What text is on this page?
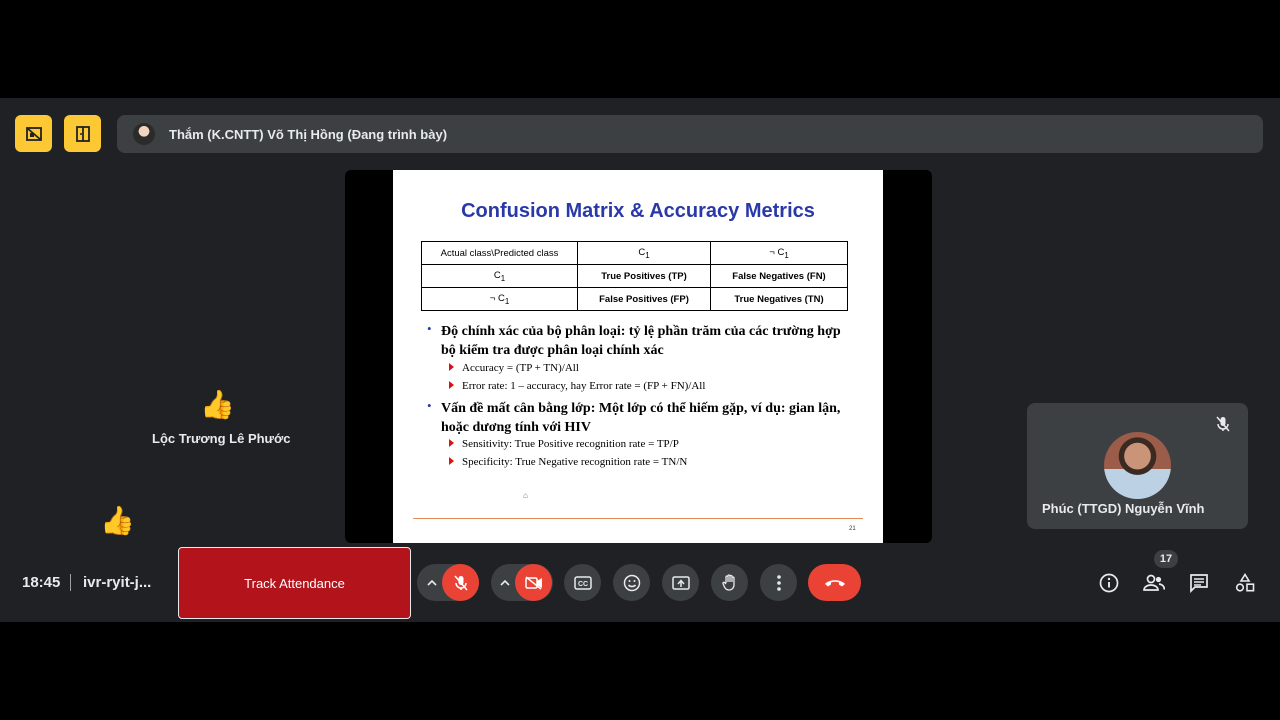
Thắm (K.CNTT) Võ Thị Hồng (Đang trình bày)
Confusion Matrix & Accuracy Metrics
Actual class\Predicted class	$C_1$	¬ $C_1$
$C_1$	True Positives (TP)	False Negatives (FN)
¬ $C_1$	False Positives (FP)	True Negatives (TN)
• Độ chính xác của bộ phân loại: tỷ lệ phần trăm của các trường hợp bộ kiểm tra được phân loại chính xác
Accuracy = (TP + TN)/All
Error rate: 1 – accuracy, hay Error rate = (FP + FN)/All
• Vấn đề mất cân bằng lớp: Một lớp có thể hiếm gặp, ví dụ: gian lận, hoặc dương tính với HIV
Sensitivity: True Positive recognition rate = TP/P
Specificity: True Negative recognition rate = TN/N
⌂
21
👍
Lộc Trương Lê Phước
👍	Phúc (TTGD) Nguyễn Vĩnh
18:45 ivr-ryit-j...	Track Attendance	CC
17
